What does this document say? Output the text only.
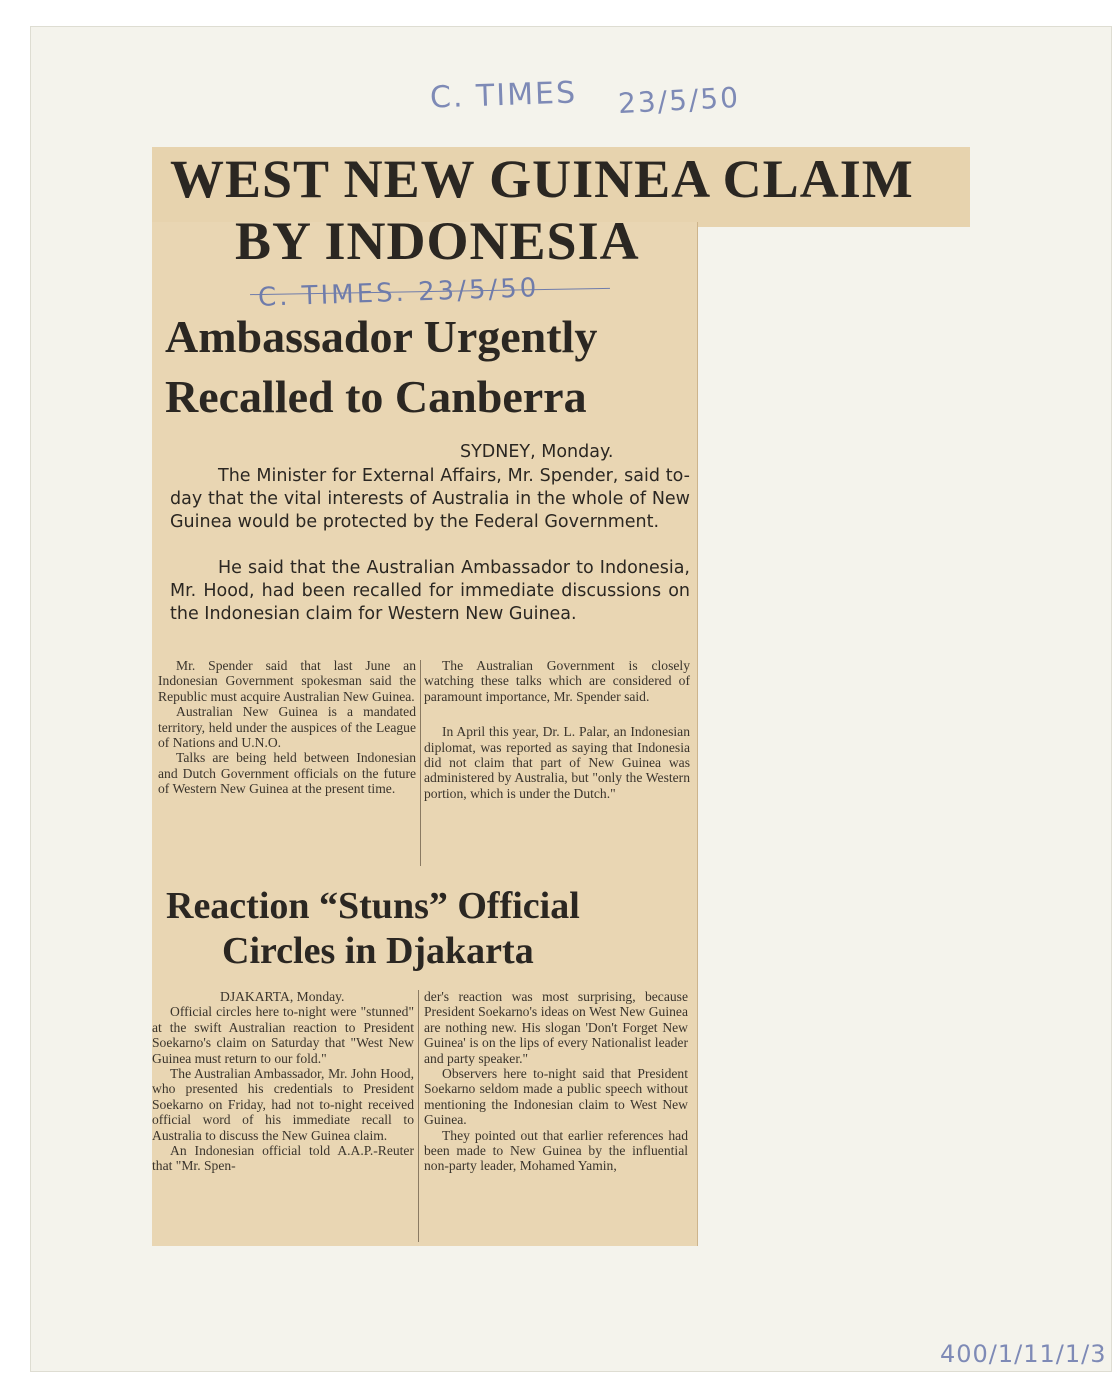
C. TIMES 23/5/50
WEST NEW GUINEA CLAIM
BY INDONESIA
C. TIMES. 23/5/50
Ambassador Urgently
Recalled to Canberra
SYDNEY, Monday.

The Minister for External Affairs, Mr. Spender, said to-day that the vital interests of Australia in the whole of New Guinea would be protected by the Federal Government.

He said that the Australian Ambassador to Indonesia, Mr. Hood, had been recalled for immediate discussions on the Indonesian claim for Western New Guinea.

Mr. Spender said that last June an Indonesian Government spokesman said the Republic must acquire Australian New Guinea.

Australian New Guinea is a mandated territory, held under the auspices of the League of Nations and U.N.O.

Talks are being held between Indonesian and Dutch Government officials on the future of Western New Guinea at the present time.

The Australian Government is closely watching these talks which are considered of paramount importance, Mr. Spender said.

In April this year, Dr. L. Palar, an Indonesian diplomat, was reported as saying that Indonesia did not claim that part of New Guinea was administered by Australia, but "only the Western portion, which is under the Dutch."

Reaction “Stuns” Official
Circles in Djakarta

DJAKARTA, Monday.

Official circles here to-night were "stunned" at the swift Australian reaction to President Soekarno's claim on Saturday that "West New Guinea must return to our fold."

The Australian Ambassador, Mr. John Hood, who presented his credentials to President Soekarno on Friday, had not to-night received official word of his immediate recall to Australia to discuss the New Guinea claim.

An Indonesian official told A.A.P.-Reuter that "Mr. Spen-

der's reaction was most surprising, because President Soekarno's ideas on West New Guinea are nothing new. His slogan 'Don't Forget New Guinea' is on the lips of every Nationalist leader and party speaker."

Observers here to-night said that President Soekarno seldom made a public speech without mentioning the Indonesian claim to West New Guinea.

They pointed out that earlier references had been made to New Guinea by the influential non-party leader, Mohamed Yamin,

400/1/11/1/3
